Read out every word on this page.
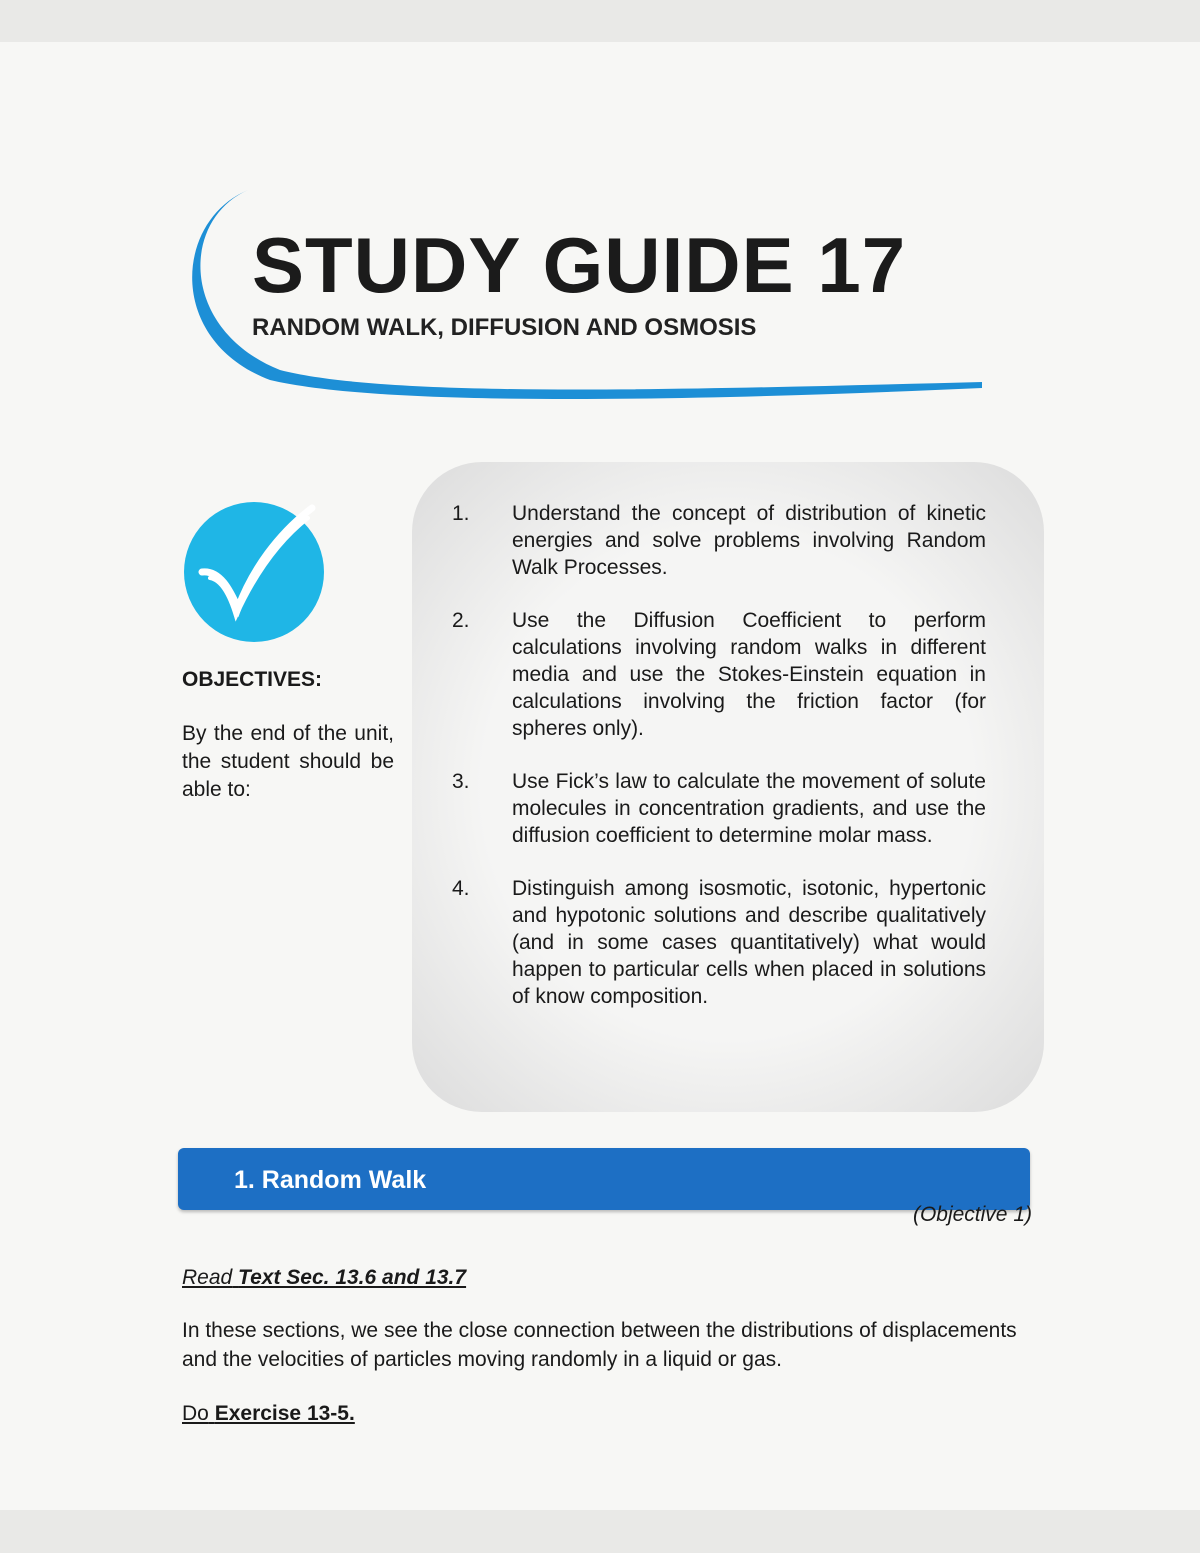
STUDY GUIDE 17
RANDOM WALK, DIFFUSION AND OSMOSIS

OBJECTIVES:

By the end of the unit, the student should be able to:

1.	Understand the concept of distribution of kinetic energies and solve problems involving Random Walk Processes.
2.	Use the Diffusion Coefficient to perform calculations involving random walks in different media and use the Stokes-Einstein equation in calculations involving the friction factor (for spheres only).
3.	Use Fick’s law to calculate the movement of solute molecules in concentration gradients, and use the diffusion coefficient to determine molar mass.
4.	Distinguish among isosmotic, isotonic, hypertonic and hypotonic solutions and describe qualitatively (and in some cases quantitatively) what would happen to particular cells when placed in solutions of know composition.
1. Random Walk
(Objective 1)
Read Text Sec. 13.6 and 13.7

In these sections, we see the close connection between the distributions of displacements and the velocities of particles moving randomly in a liquid or gas.

Do Exercise 13-5.
